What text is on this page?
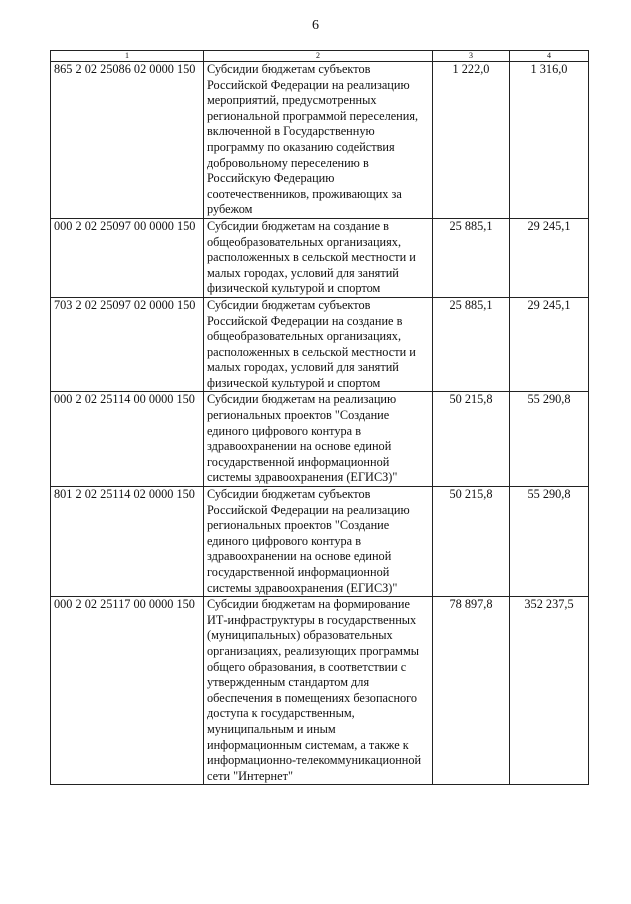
6
1	2	3	4
865 2 02 25086 02 0000 150	Субсидии бюджетам субъектов Российской Федерации на реализацию мероприятий, предусмотренных региональной программой переселения, включенной в Государственную программу по оказанию содействия добровольному переселению в Российскую Федерацию соотечественников, проживающих за рубежом	1 222,0	1 316,0
000 2 02 25097 00 0000 150	Субсидии бюджетам на создание в общеобразовательных организациях, расположенных в сельской местности и малых городах, условий для занятий физической культурой и спортом	25 885,1	29 245,1
703 2 02 25097 02 0000 150	Субсидии бюджетам субъектов Российской Федерации на создание в общеобразовательных организациях, расположенных в сельской местности и малых городах, условий для занятий физической культурой и спортом	25 885,1	29 245,1
000 2 02 25114 00 0000 150	Субсидии бюджетам на реализацию региональных проектов "Создание единого цифрового контура в здравоохранении на основе единой государственной информационной системы здравоохранения (ЕГИСЗ)"	50 215,8	55 290,8
801 2 02 25114 02 0000 150	Субсидии бюджетам субъектов Российской Федерации на реализацию региональных проектов "Создание единого цифрового контура в здравоохранении на основе единой государственной информационной системы здравоохранения (ЕГИСЗ)"	50 215,8	55 290,8
000 2 02 25117 00 0000 150	Субсидии бюджетам на формирование ИТ-инфраструктуры в государственных (муниципальных) образовательных организациях, реализующих программы общего образования, в соответствии с утвержденным стандартом для обеспечения в помещениях безопасного доступа к государственным, муниципальным и иным информационным системам, а также к информационно-телекоммуникационной сети "Интернет"	78 897,8	352 237,5
